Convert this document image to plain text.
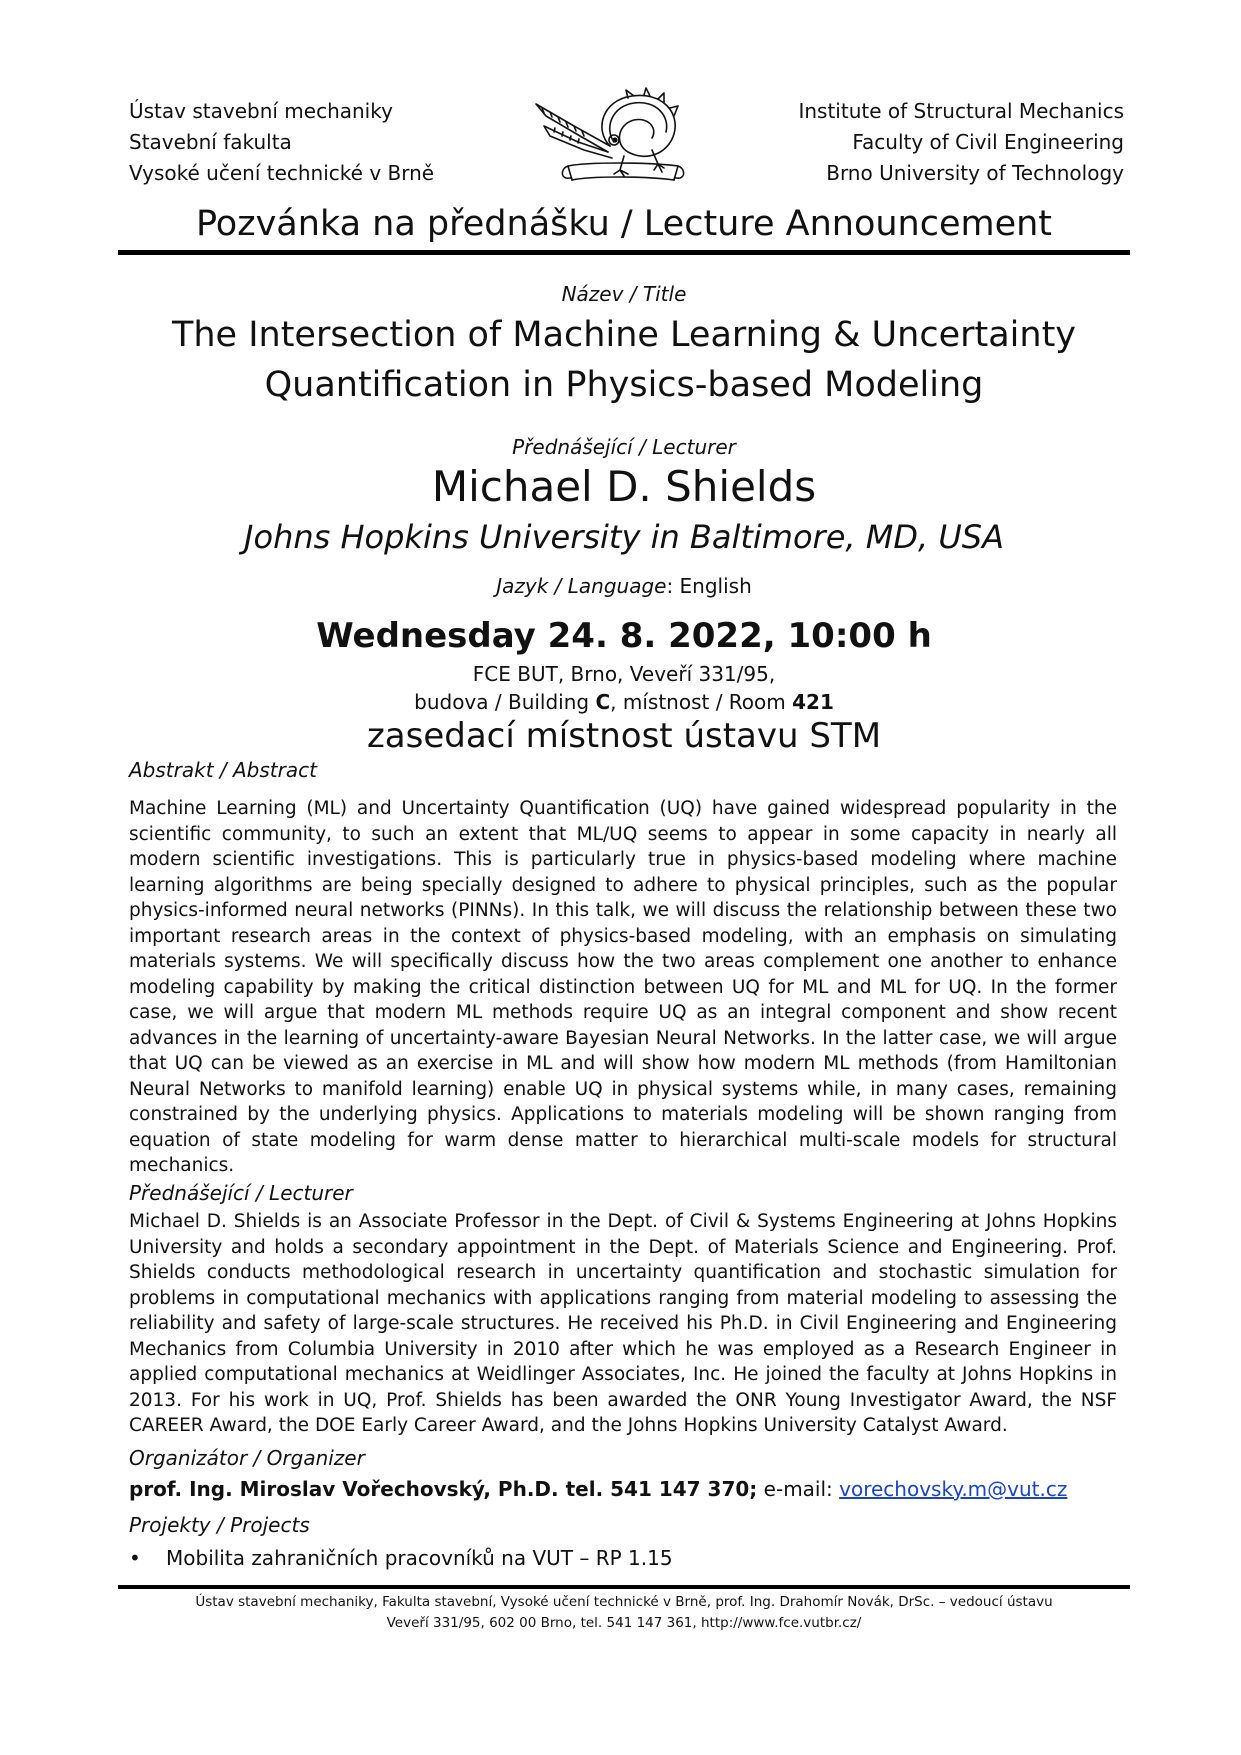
Ústav stavební mechaniky
Stavební fakulta
Vysoké učení technické v Brně
Institute of Structural Mechanics
Faculty of Civil Engineering
Brno University of Technology
Pozvánka na přednášku / Lecture Announcement
Název / Title
The Intersection of Machine Learning & Uncertainty
Quantification in Physics-based Modeling
Přednášející / Lecturer
Michael D. Shields
Johns Hopkins University in Baltimore, MD, USA
Jazyk / Language: English
Wednesday 24. 8. 2022, 10:00 h
FCE BUT, Brno, Veveří 331/95,
budova / Building C, místnost / Room 421
zasedací místnost ústavu STM
Abstrakt / Abstract
Machine Learning (ML) and Uncertainty Quantification (UQ) have gained widespread popularity in the scientific community, to such an extent that ML/UQ seems to appear in some capacity in nearly all modern scientific investigations. This is particularly true in physics-based modeling where machine learning algorithms are being specially designed to adhere to physical principles, such as the popular physics-informed neural networks (PINNs). In this talk, we will discuss the relationship between these two important research areas in the context of physics-based modeling, with an emphasis on simulating materials systems. We will specifically discuss how the two areas complement one another to enhance modeling capability by making the critical distinction between UQ for ML and ML for UQ. In the former case, we will argue that modern ML methods require UQ as an integral component and show recent advances in the learning of uncertainty-aware Bayesian Neural Networks. In the latter case, we will argue that UQ can be viewed as an exercise in ML and will show how modern ML methods (from Hamiltonian Neural Networks to manifold learning) enable UQ in physical systems while, in many cases, remaining constrained by the underlying physics. Applications to materials modeling will be shown ranging from equation of state modeling for warm dense matter to hierarchical multi-scale models for structural mechanics.
Přednášející / Lecturer
Michael D. Shields is an Associate Professor in the Dept. of Civil & Systems Engineering at Johns Hopkins University and holds a secondary appointment in the Dept. of Materials Science and Engineering. Prof. Shields conducts methodological research in uncertainty quantification and stochastic simulation for problems in computational mechanics with applications ranging from material modeling to assessing the reliability and safety of large-scale structures. He received his Ph.D. in Civil Engineering and Engineering Mechanics from Columbia University in 2010 after which he was employed as a Research Engineer in applied computational mechanics at Weidlinger Associates, Inc. He joined the faculty at Johns Hopkins in 2013. For his work in UQ, Prof. Shields has been awarded the ONR Young Investigator Award, the NSF CAREER Award, the DOE Early Career Award, and the Johns Hopkins University Catalyst Award.
Organizátor / Organizer
prof. Ing. Miroslav Vořechovský, Ph.D. tel. 541 147 370; e-mail: vorechovsky.m@vut.cz
Projekty / Projects
• Mobilita zahraničních pracovníků na VUT – RP 1.15
Ústav stavební mechaniky, Fakulta stavební, Vysoké učení technické v Brně, prof. Ing. Drahomír Novák, DrSc. – vedoucí ústavu
Veveří 331/95, 602 00 Brno, tel. 541 147 361, http://www.fce.vutbr.cz/
